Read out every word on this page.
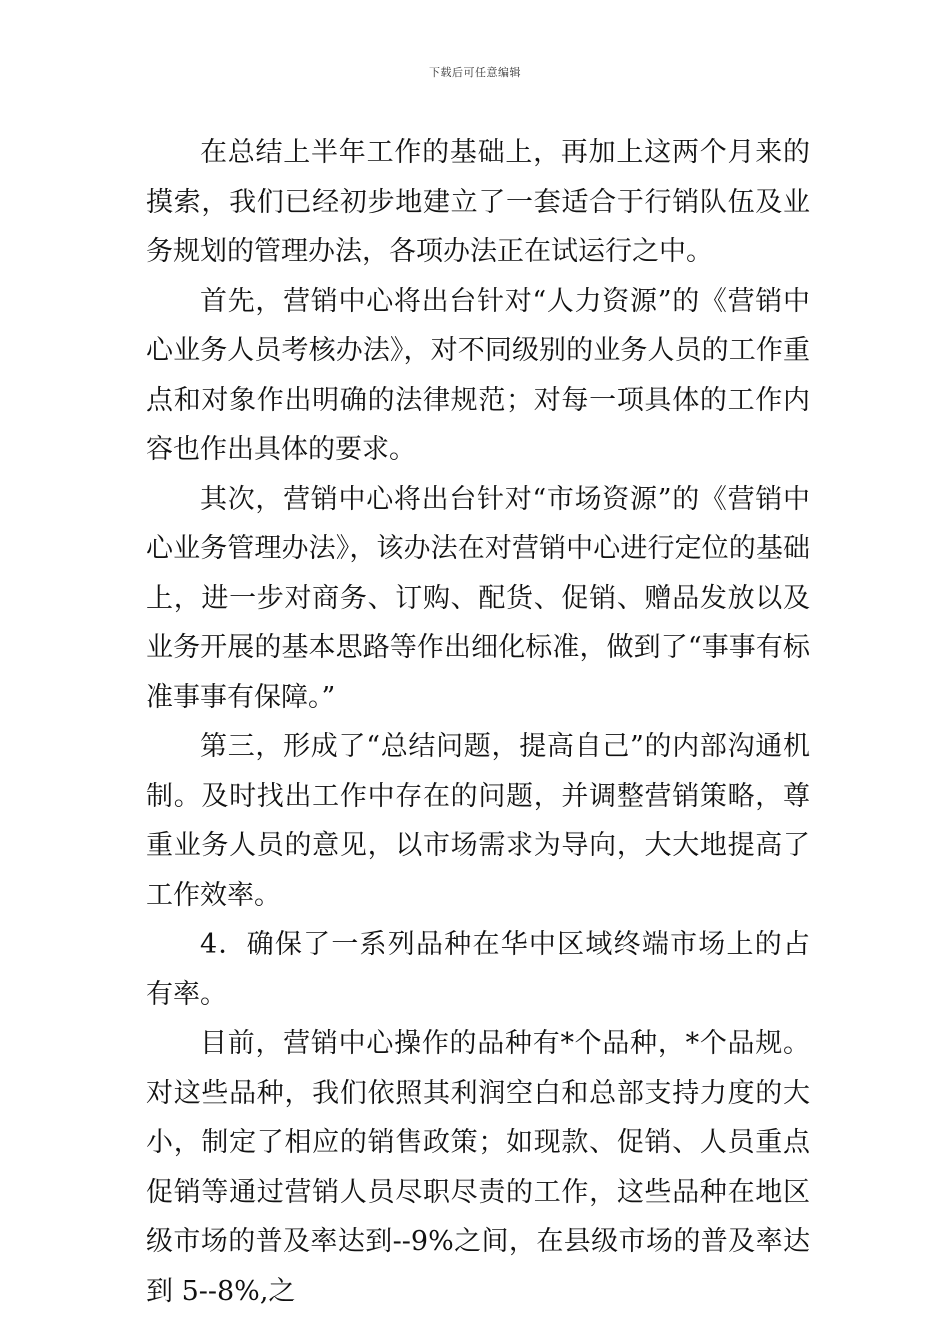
下载后可任意编辑

在总结上半年工作的基础上，再加上这两个月来的摸索，我们已经初步地建立了一套适合于行销队伍及业务规划的管理办法，各项办法正在试运行之中。

首先，营销中心将出台针对“人力资源”的《营销中心业务人员考核办法》，对不同级别的业务人员的工作重点和对象作出明确的法律规范；对每一项具体的工作内容也作出具体的要求。

其次，营销中心将出台针对“市场资源”的《营销中心业务管理办法》，该办法在对营销中心进行定位的基础上，进一步对商务、订购、配货、促销、赠品发放以及业务开展的基本思路等作出细化标准，做到了“事事有标准事事有保障。”

第三，形成了“总结问题，提高自己”的内部沟通机制。及时找出工作中存在的问题，并调整营销策略，尊重业务人员的意见，以市场需求为导向，大大地提高了工作效率。

4．确保了一系列品种在华中区域终端市场上的占有率。

目前，营销中心操作的品种有*个品种，*个品规。对这些品种，我们依照其利润空白和总部支持力度的大小，制定了相应的销售政策；如现款、促销、人员重点促销等通过营销人员尽职尽责的工作，这些品种在地区级市场的普及率达到--9%之间，在县级市场的普及率达到 5--8%,之
